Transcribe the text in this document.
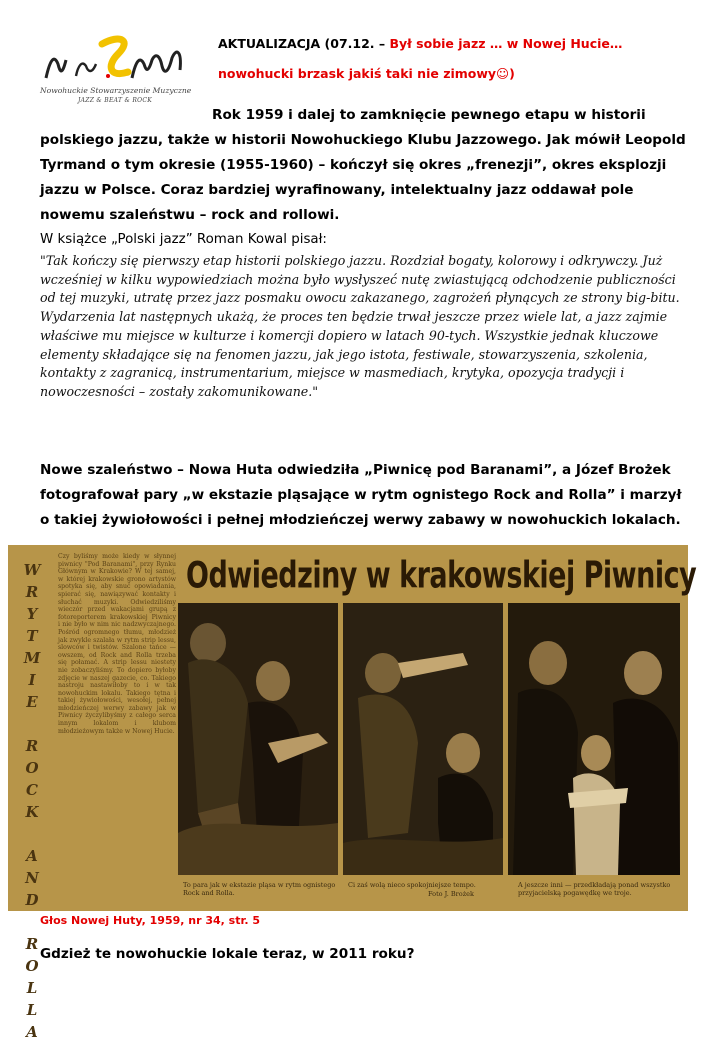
Nowohuckie Stowarzyszenie Muzyczne
JAZZ & BEAT & ROCK
AKTUALIZACJA (07.12. – Był sobie jazz … w Nowej Hucie…
nowohucki brzask jakiś taki nie zimowy☺)

Rok 1959 i dalej to zamknięcie pewnego etapu w historii polskiego jazzu, także w historii Nowohuckiego Klubu Jazzowego. Jak mówił Leopold Tyrmand o tym okresie (1955-1960) – kończył się okres „frenezji”, okres eksplozji jazzu w Polsce. Coraz bardziej wyrafinowany, intelektualny jazz oddawał pole nowemu szaleństwu – rock and rollowi.

W książce „Polski jazz” Roman Kowal pisał:

"Tak kończy się pierwszy etap historii polskiego jazzu. Rozdział bogaty, kolorowy i odkrywczy. Już wcześniej w kilku wypowiedziach można było wysłyszeć nutę zwiastującą odchodzenie publiczności od tej muzyki, utratę przez jazz posmaku owocu zakazanego, zagrożeń płynących ze strony big-bitu. Wydarzenia lat następnych ukażą, że proces ten będzie trwał jeszcze przez wiele lat, a jazz zajmie właściwe mu miejsce w kulturze i komercji dopiero w latach 90-tych. Wszystkie jednak kluczowe elementy składające się na fenomen jazzu, jak jego istota, festiwale, stowarzyszenia, szkolenia, kontakty z zagranicą, instrumentarium, miejsce w masmediach, krytyka, opozycja tradycji i nowoczesności – zostały zakomunikowane."

Nowe szaleństwo – Nowa Huta odwiedziła „Piwnicę pod Baranami”, a Józef Brożek fotografował pary „w ekstazie pląsające w rytm ognistego Rock and Rolla” i marzył o takiej żywiołowości i pełnej młodzieńczej werwy zabawy w nowohuckich lokalach.

W
R
Y
T
M
I
E

R
O
C
K

A
N
D

R
O
L
L
A
Czy byliśmy może kiedy w słynnej piwnicy "Pod Baranami", przy Rynku Głównym w Krakowie? W tej samej, w której krakowskie grono artystów spotyka się, aby snuć opowiadania, spierać się, nawiązywać kontakty i słuchać muzyki. Odwiedziliśmy wieczór przed wakacjami grupą z fotoreporterem krakowskiej Piwnicy i nie było w nim nic nadzwyczajnego. Pośród ogromnego tłumu, młodzież jak zwykle szalała w rytm strip lessu, slowców i twistów. Szalone tańce — owszem, od Rock and Rolla trzeba się połamać. A strip lessu niestety nie zobaczyliśmy. To dopiero byłoby zdjęcie w naszej gazecie, co. Takiego nastroju nastawiłoby to i w tak nowohuckim lokalu. Takiego tętna i takiej żywiołowości, wesołej, pełnej młodzieńczej werwy zabawy jak w Piwnicy życzylibyśmy z całego serca innym lokalom i klubom młodzieżowym także w Nowej Hucie.
Odwiedziny w krakowskiej Piwnicy
To para jak w ekstazie pląsa w rytm ognistego Rock and Rolla.
Ci zaś wolą nieco spokojniejsze tempo.	A jeszcze inni — przedkładają ponad wszystko przyjacielską pogawędkę we troje.
Foto J. Brożek
Głos Nowej Huty, 1959, nr 34, str. 5
Gdzież te nowohuckie lokale teraz, w 2011 roku?
